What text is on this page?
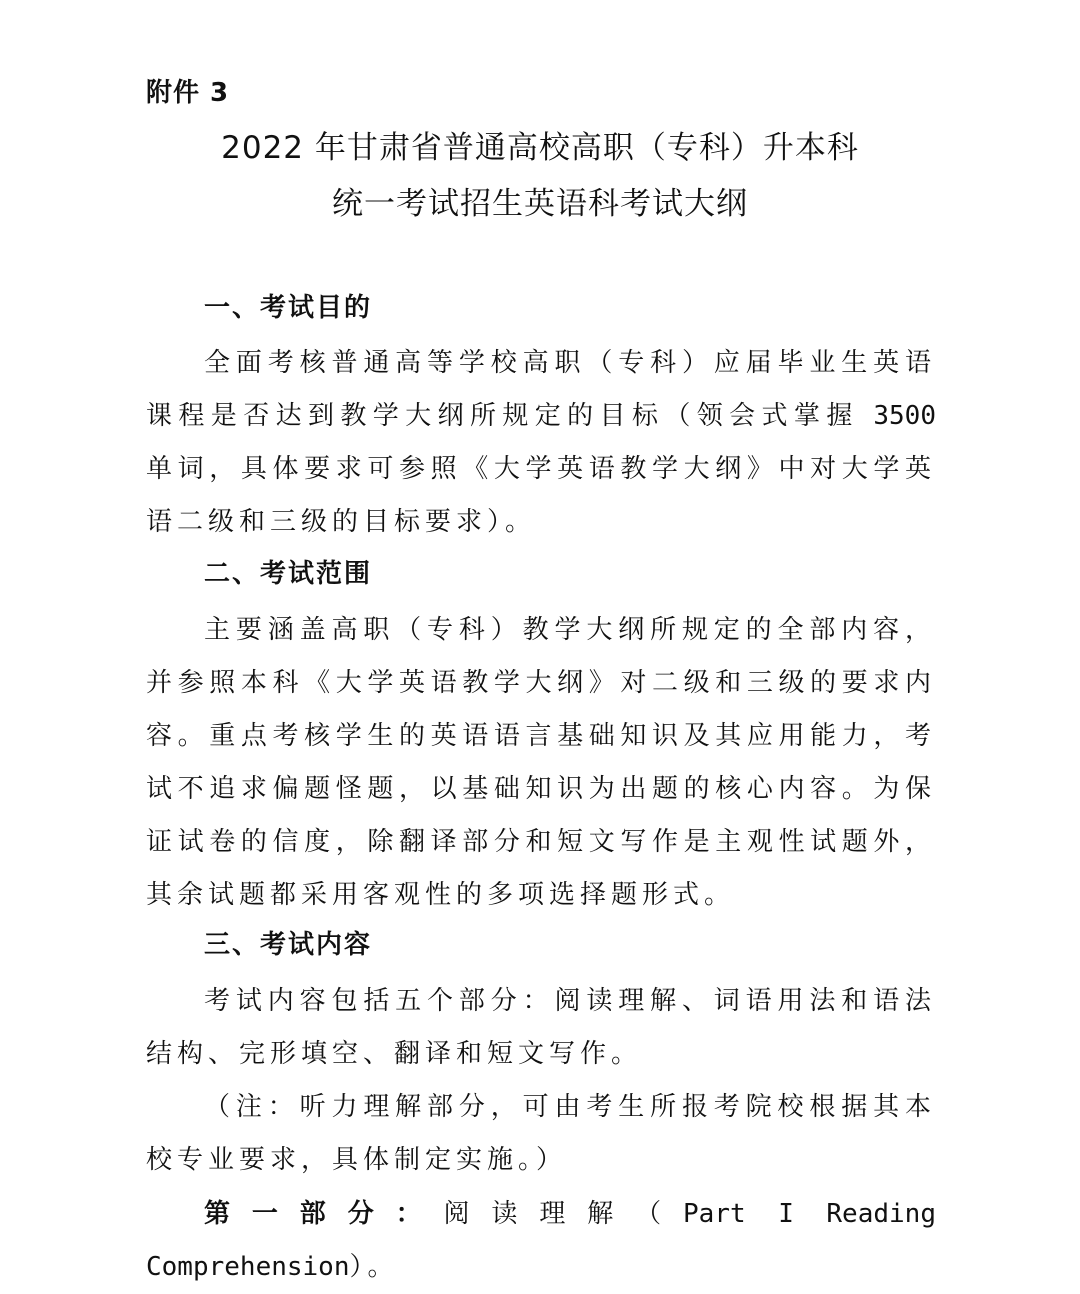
附件 3
2022 年甘肃省普通高校高职（专科）升本科
统一考试招生英语科考试大纲
一、考试目的
全面考核普通高等学校高职（专科）应届毕业生英语课程是否达到教学大纲所规定的目标（领会式掌握 3500 单词，具体要求可参照《大学英语教学大纲》中对大学英语二级和三级的目标要求）。
二、考试范围
主要涵盖高职（专科）教学大纲所规定的全部内容，并参照本科《大学英语教学大纲》对二级和三级的要求内容。重点考核学生的英语语言基础知识及其应用能力，考试不追求偏题怪题，以基础知识为出题的核心内容。为保证试卷的信度，除翻译部分和短文写作是主观性试题外，其余试题都采用客观性的多项选择题形式。
三、考试内容
考试内容包括五个部分：阅读理解、词语用法和语法结构、完形填空、翻译和短文写作。
（注：听力理解部分，可由考生所报考院校根据其本校专业要求，具体制定实施。）
第一部分：阅读理解（Part I Reading Comprehension）。
